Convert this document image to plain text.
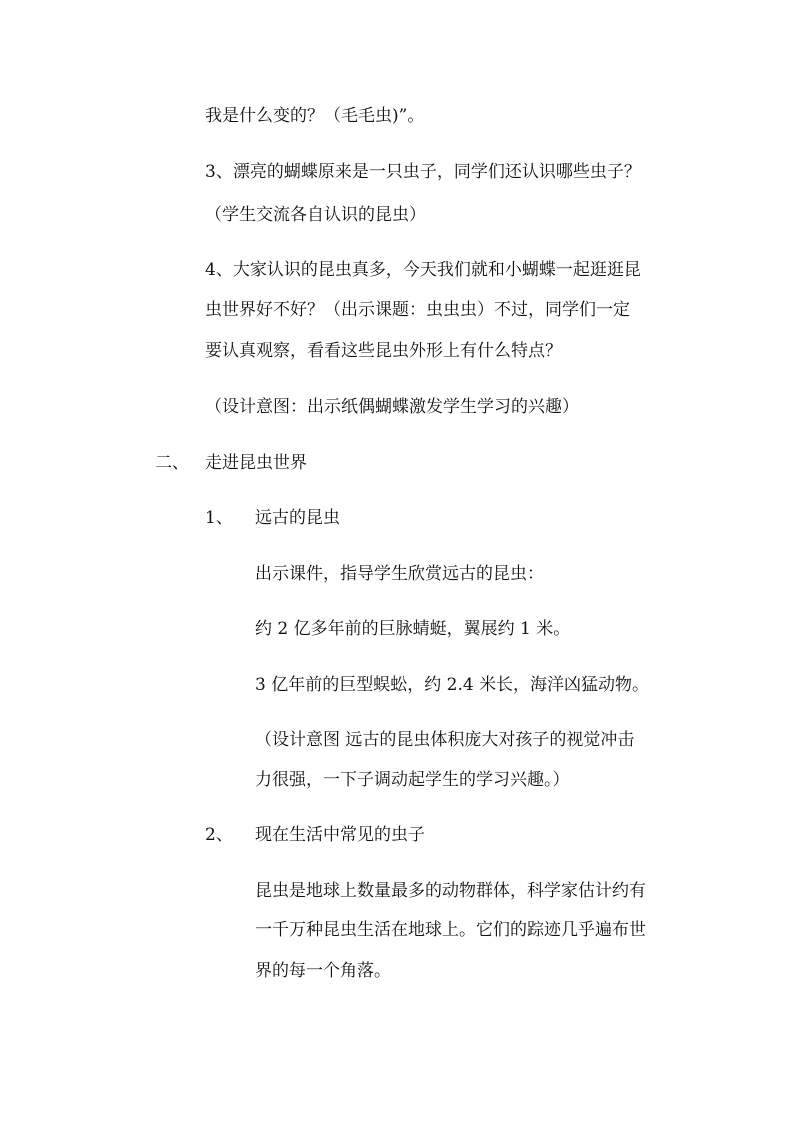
我是什么变的？（毛毛虫)”。
3、漂亮的蝴蝶原来是一只虫子，同学们还认识哪些虫子？
（学生交流各自认识的昆虫）
4、大家认识的昆虫真多，今天我们就和小蝴蝶一起逛逛昆
虫世界好不好？（出示课题：虫虫虫）不过，同学们一定
要认真观察，看看这些昆虫外形上有什么特点？
（设计意图：出示纸偶蝴蝶激发学生学习的兴趣）
二、 走进昆虫世界
1、 远古的昆虫
出示课件，指导学生欣赏远古的昆虫：
约 2 亿多年前的巨脉蜻蜓，翼展约 1 米。
3 亿年前的巨型蜈蚣，约 2.4 米长，海洋凶猛动物。
（设计意图 远古的昆虫体积庞大对孩子的视觉冲击
力很强，一下子调动起学生的学习兴趣。）
2、 现在生活中常见的虫子
昆虫是地球上数量最多的动物群体，科学家估计约有
一千万种昆虫生活在地球上。它们的踪迹几乎遍布世
界的每一个角落。
